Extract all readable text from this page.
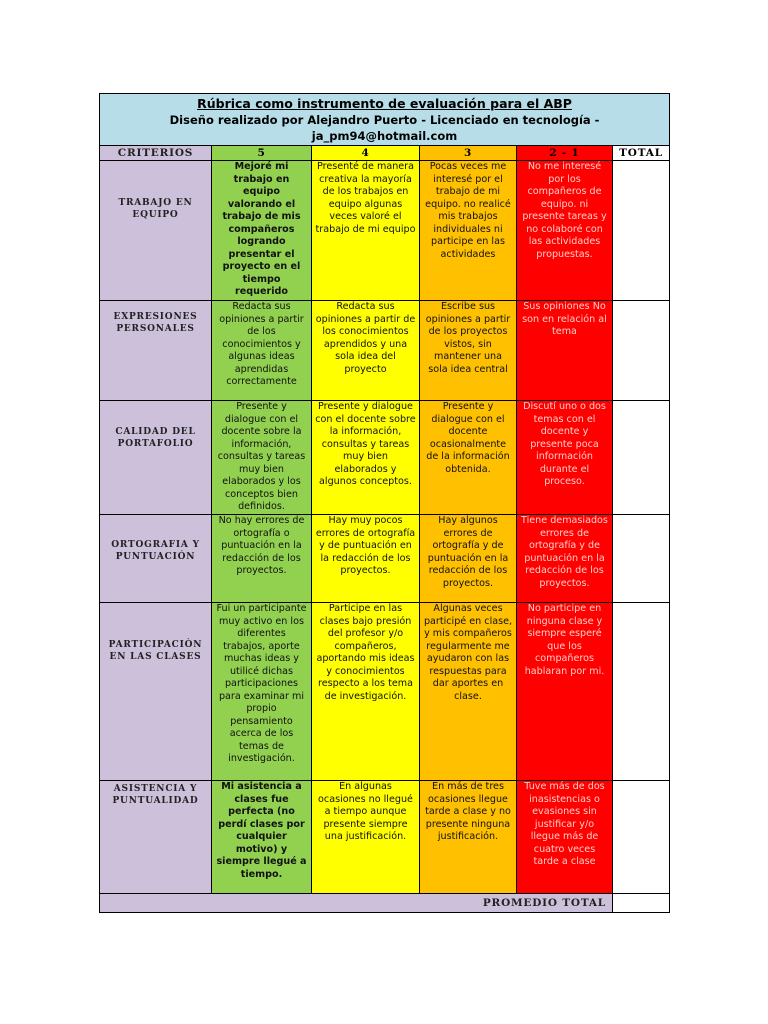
Rúbrica como instrumento de evaluación para el ABP
Diseño realizado por Alejandro Puerto - Licenciado en tecnología - ja_pm94@hotmail.com					

CRITERIOS	5	4	3	2 - 1	TOTAL

TRABAJO EN EQUIPO	Mejoré mi trabajo en equipo valorando el trabajo de mis compañeros logrando presentar el proyecto en el tiempo requerido	Presenté de manera creativa la mayoría de los trabajos en equipo algunas veces valoré el trabajo de mi equipo	Pocas veces me interesé por el trabajo de mi equipo. no realicé mis trabajos individuales ni participe en las actividades	No me interesé por los compañeros de equipo. ni presente tareas y no colaboré con las actividades propuestas.	

EXPRESIONES PERSONALES	Redacta sus opiniones a partir de los conocimientos y algunas ideas aprendidas correctamente	Redacta sus opiniones a partir de los conocimientos aprendidos y una sola idea del proyecto	Escribe sus opiniones a partir de los proyectos vistos, sin mantener una sola idea central	Sus opiniones No son en relación al tema	

CALIDAD DEL PORTAFOLIO	Presente y dialogue con el docente sobre la información, consultas y tareas muy bien elaborados y los conceptos bien definidos.	Presente y dialogue con el docente sobre la información, consultas y tareas muy bien elaborados y algunos conceptos.	Presente y dialogue con el docente ocasionalmente de la información obtenida.	Discutí uno o dos temas con el docente y presente poca información durante el proceso.	

ORTOGRAFIA Y PUNTUACIÓN	No hay errores de ortografía o puntuación en la redacción de los proyectos.	Hay muy pocos errores de ortografía y de puntuación en la redacción de los proyectos.	Hay algunos errores de ortografía y de puntuación en la redacción de los proyectos.	Tiene demasiados errores de ortografía y de puntuación en la redacción de los proyectos.	

PARTICIPACIÒN EN LAS CLASES	Fui un participante muy activo en los diferentes trabajos, aporte muchas ideas y utilicé dichas participaciones para examinar mi propio pensamiento acerca de los temas de investigación.	Participe en las clases bajo presión del profesor y/o compañeros, aportando mis ideas y conocimientos respecto a los tema de investigación.	Algunas veces participé en clase, y mis compañeros regularmente me ayudaron con las respuestas para dar aportes en clase.	No participe en ninguna clase y siempre esperé que los compañeros hablaran por mi.	

ASISTENCIA Y PUNTUALIDAD	Mi asistencia a clases fue perfecta (no perdí clases por cualquier motivo) y siempre llegué a tiempo.	En algunas ocasiones no llegué a tiempo aunque presente siempre una justificación.	En más de tres ocasiones llegue tarde a clase y no presente ninguna justificación.	Tuve más de dos inasistencias o evasiones sin justificar y/o llegue más de cuatro veces tarde a clase	

PROMEDIO TOTAL					
